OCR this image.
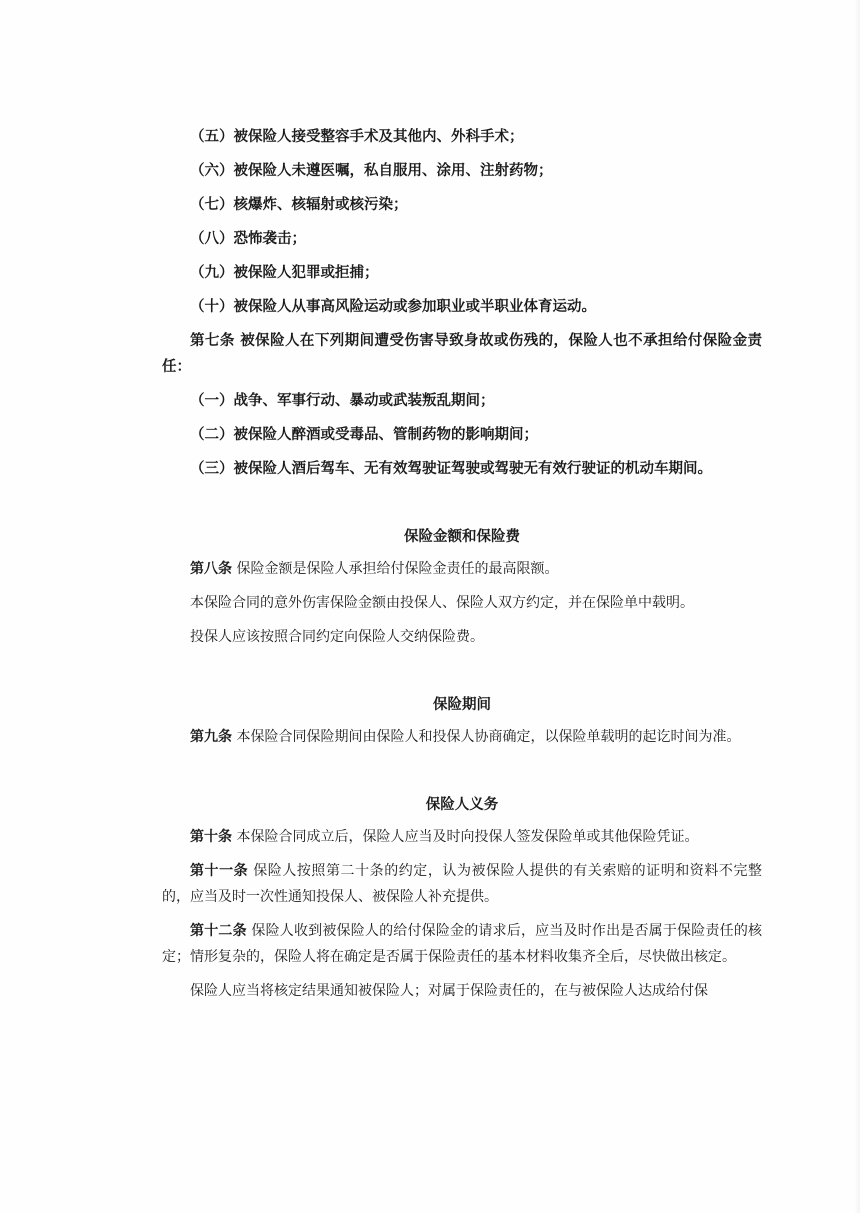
（五）被保险人接受整容手术及其他内、外科手术；

（六）被保险人未遵医嘱，私自服用、涂用、注射药物；

（七）核爆炸、核辐射或核污染；

（八）恐怖袭击；

（九）被保险人犯罪或拒捕；

（十）被保险人从事高风险运动或参加职业或半职业体育运动。

第七条 被保险人在下列期间遭受伤害导致身故或伤残的，保险人也不承担给付保险金责任：

（一）战争、军事行动、暴动或武装叛乱期间；

（二）被保险人醉酒或受毒品、管制药物的影响期间；

（三）被保险人酒后驾车、无有效驾驶证驾驶或驾驶无有效行驶证的机动车期间。

保险金额和保险费

第八条 保险金额是保险人承担给付保险金责任的最高限额。

本保险合同的意外伤害保险金额由投保人、保险人双方约定，并在保险单中载明。

投保人应该按照合同约定向保险人交纳保险费。

保险期间

第九条 本保险合同保险期间由保险人和投保人协商确定，以保险单载明的起讫时间为准。

保险人义务

第十条 本保险合同成立后，保险人应当及时向投保人签发保险单或其他保险凭证。

第十一条 保险人按照第二十条的约定，认为被保险人提供的有关索赔的证明和资料不完整的，应当及时一次性通知投保人、被保险人补充提供。

第十二条 保险人收到被保险人的给付保险金的请求后，应当及时作出是否属于保险责任的核定；情形复杂的，保险人将在确定是否属于保险责任的基本材料收集齐全后，尽快做出核定。

保险人应当将核定结果通知被保险人；对属于保险责任的，在与被保险人达成给付保
